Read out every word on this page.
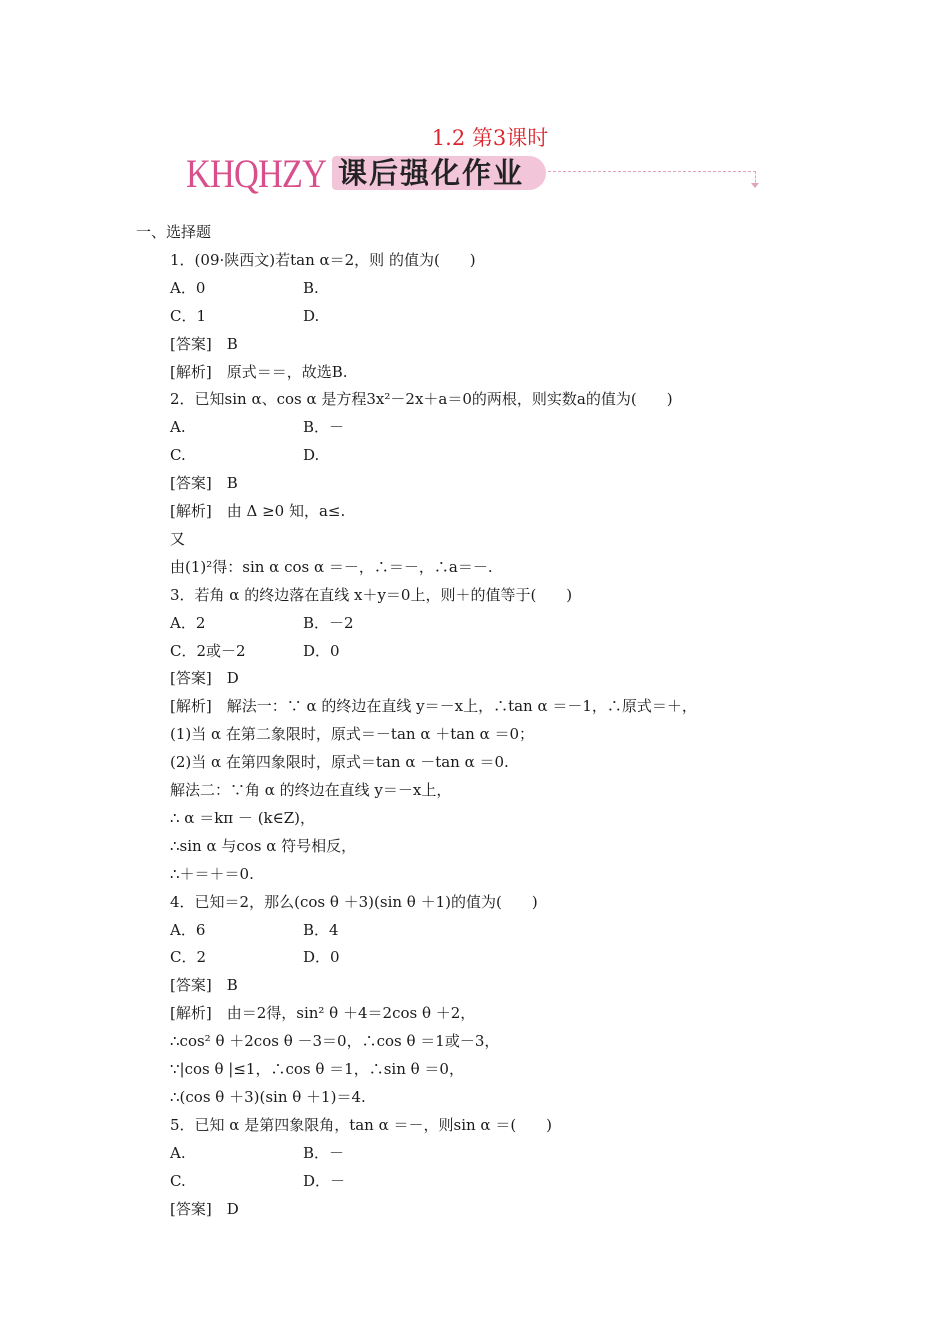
1.2 第3课时
KHQHZY 课后强化作业
一、选择题
1．(09·陕西文)若tan α＝2，则 的值为(　　)
A．0	B.
C．1	D.
[答案]　B
[解析]　原式＝＝，故选B.
2．已知sin α、cos α 是方程3x²－2x＋a＝0的两根，则实数a的值为(　　)
A.	B．－
C.	D.
[答案]　B
[解析]　由 Δ ≥0 知，a≤.
又
由(1)²得：sin α cos α ＝－，∴＝－，∴a＝－.
3．若角 α 的终边落在直线 x＋y＝0上，则＋的值等于(　　)
A．2	B．－2
C．2或－2	D．0
[答案]　D
[解析]　解法一：∵ α 的终边在直线 y＝－x上，∴tan α ＝－1，∴原式＝＋，
(1)当 α 在第二象限时，原式＝－tan α ＋tan α ＝0；
(2)当 α 在第四象限时，原式＝tan α －tan α ＝0.
解法二：∵角 α 的终边在直线 y＝－x上，
∴ α ＝kπ － (k∈Z)，
∴sin α 与cos α 符号相反，
∴＋＝＋＝0.
4．已知＝2，那么(cos θ ＋3)(sin θ ＋1)的值为(　　)
A．6	B．4
C．2	D．0
[答案]　B
[解析]　由＝2得，sin² θ ＋4＝2cos θ ＋2，
∴cos² θ ＋2cos θ －3＝0，∴cos θ ＝1或－3，
∵|cos θ |≤1，∴cos θ ＝1，∴sin θ ＝0，
∴(cos θ ＋3)(sin θ ＋1)＝4.
5．已知 α 是第四象限角，tan α ＝－，则sin α ＝(　　)
A.	B．－
C.	D．－
[答案]　D
